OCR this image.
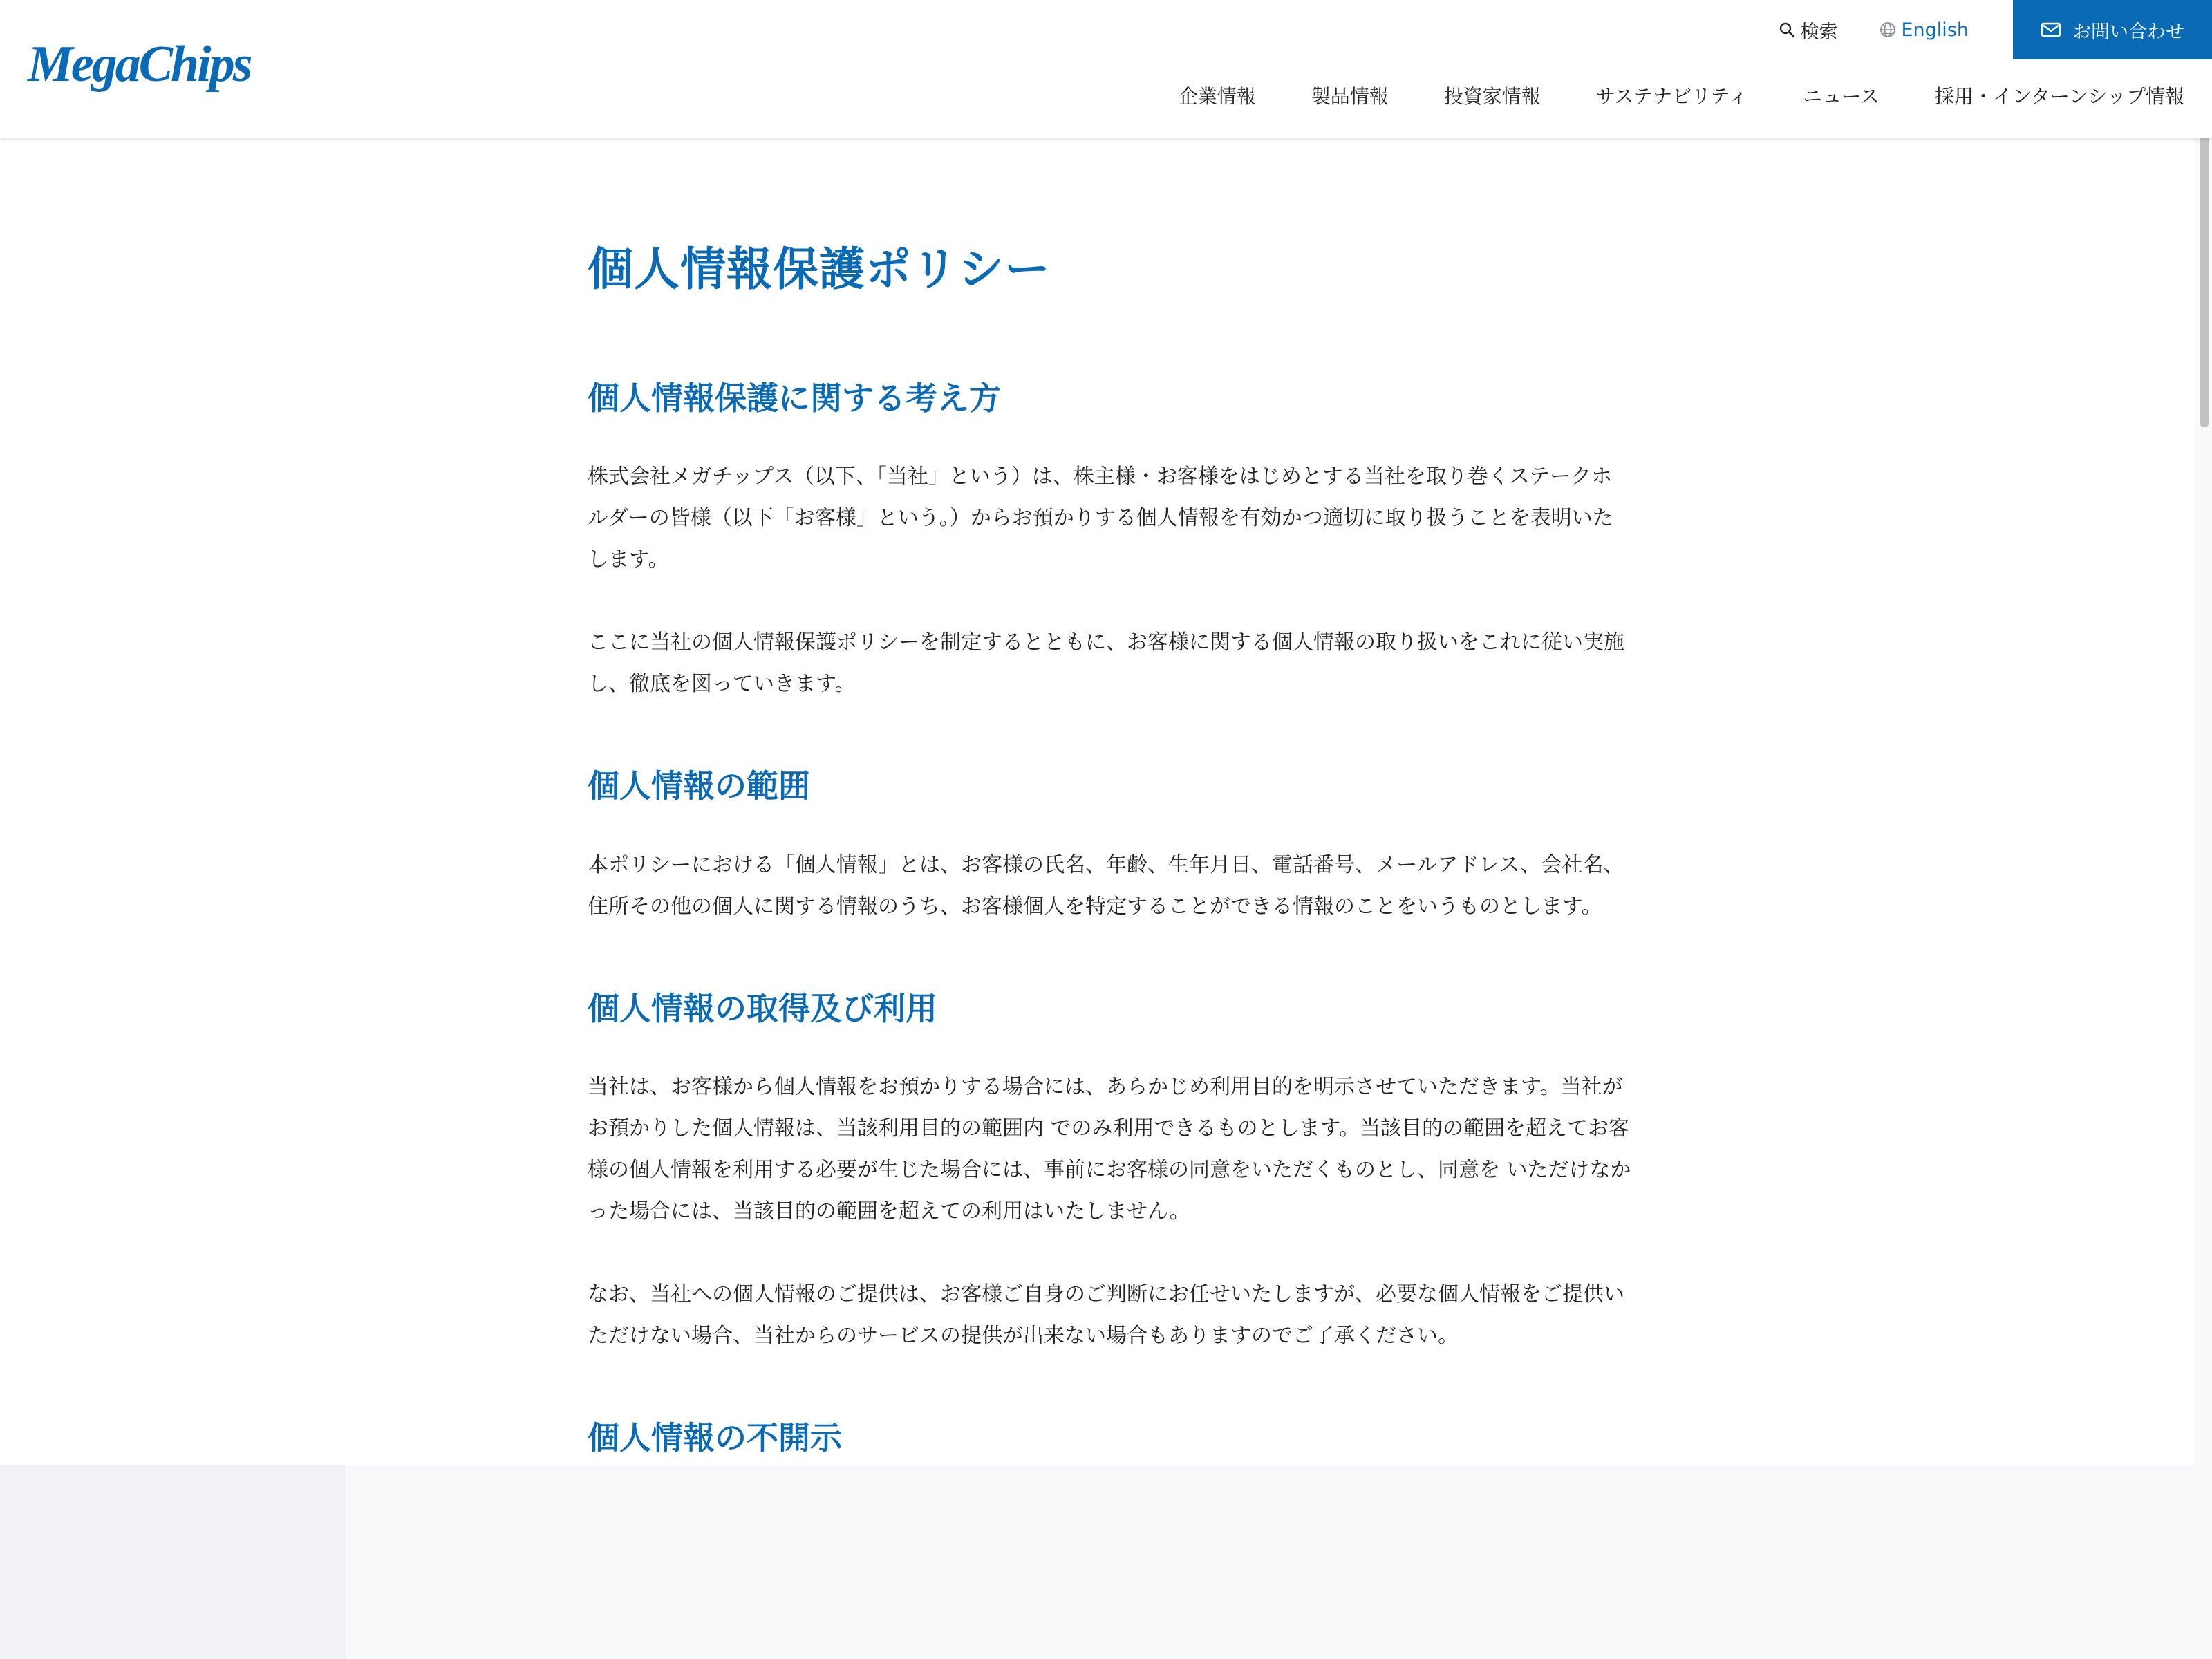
MegaChips
検索	English	お問い合わせ
企業情報	製品情報	投資家情報	サステナビリティ	ニュース	採用・インターンシップ情報
個人情報保護ポリシー
個人情報保護に関する考え方

株式会社メガチップス（以下、「当社」という）は、株主様・お客様をはじめとする当社を取り巻くステークホルダーの皆様（以下「お客様」という。）からお預かりする個人情報を有効かつ適切に取り扱うことを表明いたします。

ここに当社の個人情報保護ポリシーを制定するとともに、お客様に関する個人情報の取り扱いをこれに従い実施し、徹底を図っていきます。

個人情報の範囲

本ポリシーにおける「個人情報」とは、お客様の氏名、年齢、生年月日、電話番号、メールアドレス、会社名、住所その他の個人に関する情報のうち、お客様個人を特定することができる情報のことをいうものとします。

個人情報の取得及び利用

当社は、お客様から個人情報をお預かりする場合には、あらかじめ利用目的を明示させていただきます。当社がお預かりした個人情報は、当該利用目的の範囲内 でのみ利用できるものとします。当該目的の範囲を超えてお客様の個人情報を利用する必要が生じた場合には、事前にお客様の同意をいただくものとし、同意を いただけなかった場合には、当該目的の範囲を超えての利用はいたしません。

なお、当社への個人情報のご提供は、お客様ご自身のご判断にお任せいたしますが、必要な個人情報をご提供いただけない場合、当社からのサービスの提供が出来ない場合もありますのでご了承ください。

個人情報の不開示
